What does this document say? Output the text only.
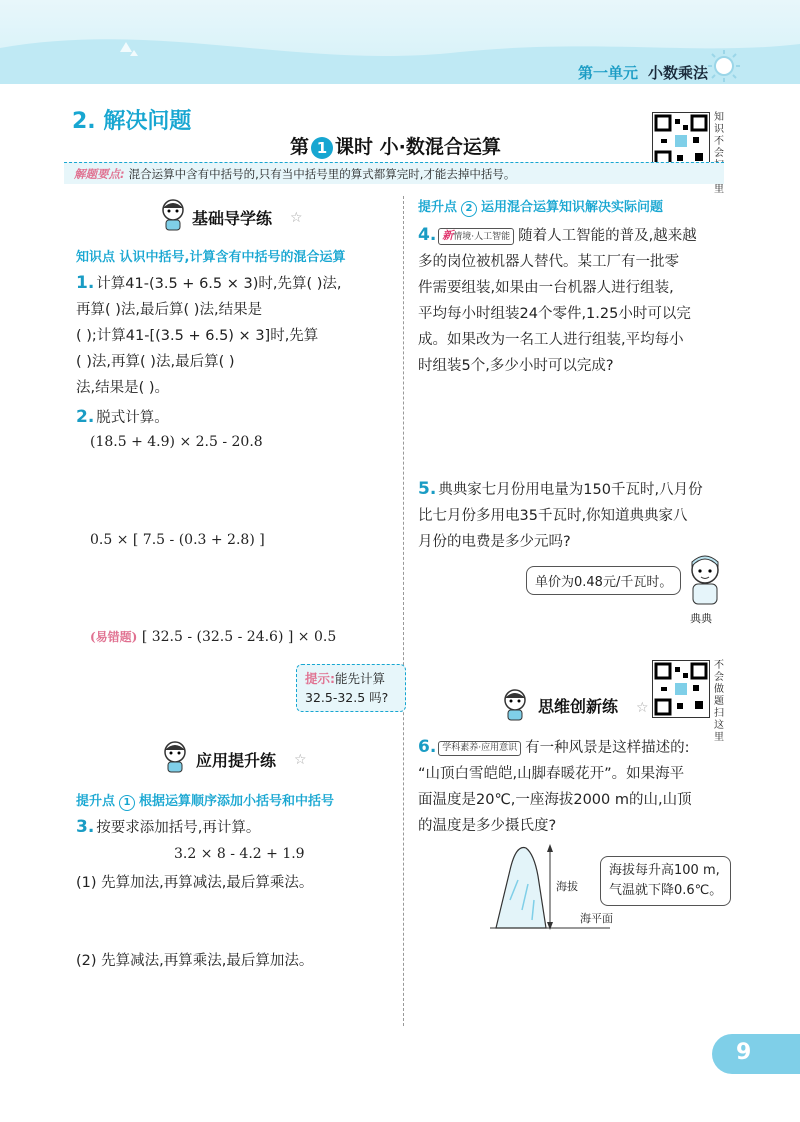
第一单元 小数乘法
2. 解决问题
第 1 课时 小·数混合运算
知识不会 里
解题要点: 混合运算中含有中括号的,只有当中括号里的算式都算完时,才能去掉中括号。
基础导学练 ☆
知识点 认识中括号,计算含有中括号的混合运算
1. 计算41-(3.5 + 6.5 × 3)时,先算( )法,
再算( )法,最后算( )法,结果是
( );计算41-[(3.5 + 6.5) × 3]时,先算
( )法,再算( )法,最后算( )
法,结果是( )。
2. 脱式计算。
(18.5 + 4.9) × 2.5 - 20.8
0.5 × [ 7.5 - (0.3 + 2.8) ]
(易错题) [ 32.5 - (32.5 - 24.6) ] × 0.5
提示:能先计算
32.5-32.5 吗?
应用提升练 ☆
提升点 1 根据运算顺序添加小括号和中括号
3. 按要求添加括号,再计算。
3.2 × 8 - 4.2 + 1.9
(1) 先算加法,再算减法,最后算乘法。
(2) 先算减法,再算乘法,最后算加法。
提升点 2 运用混合运算知识解决实际问题
4. 新情境·人工智能 随着人工智能的普及,越来越
多的岗位被机器人替代。某工厂有一批零
件需要组装,如果由一台机器人进行组装,
平均每小时组装24个零件,1.25小时可以完
成。如果改为一名工人进行组装,平均每小
时组装5个,多少小时可以完成?
5. 典典家七月份用电量为150千瓦时,八月份
比七月份多用电35千瓦时,你知道典典家八
月份的电费是多少元吗?
单价为0.48元/千瓦时。
典典
不会做题扫这里
思维创新练 ☆
6. 学科素养·应用意识 有一种风景是这样描述的:
“山顶白雪皑皑,山脚春暖花开”。如果海平
面温度是20℃,一座海拔2000 m的山,山顶
的温度是多少摄氏度?
海拔
海平面
海拔每升高100 m,
气温就下降0.6℃。
9
